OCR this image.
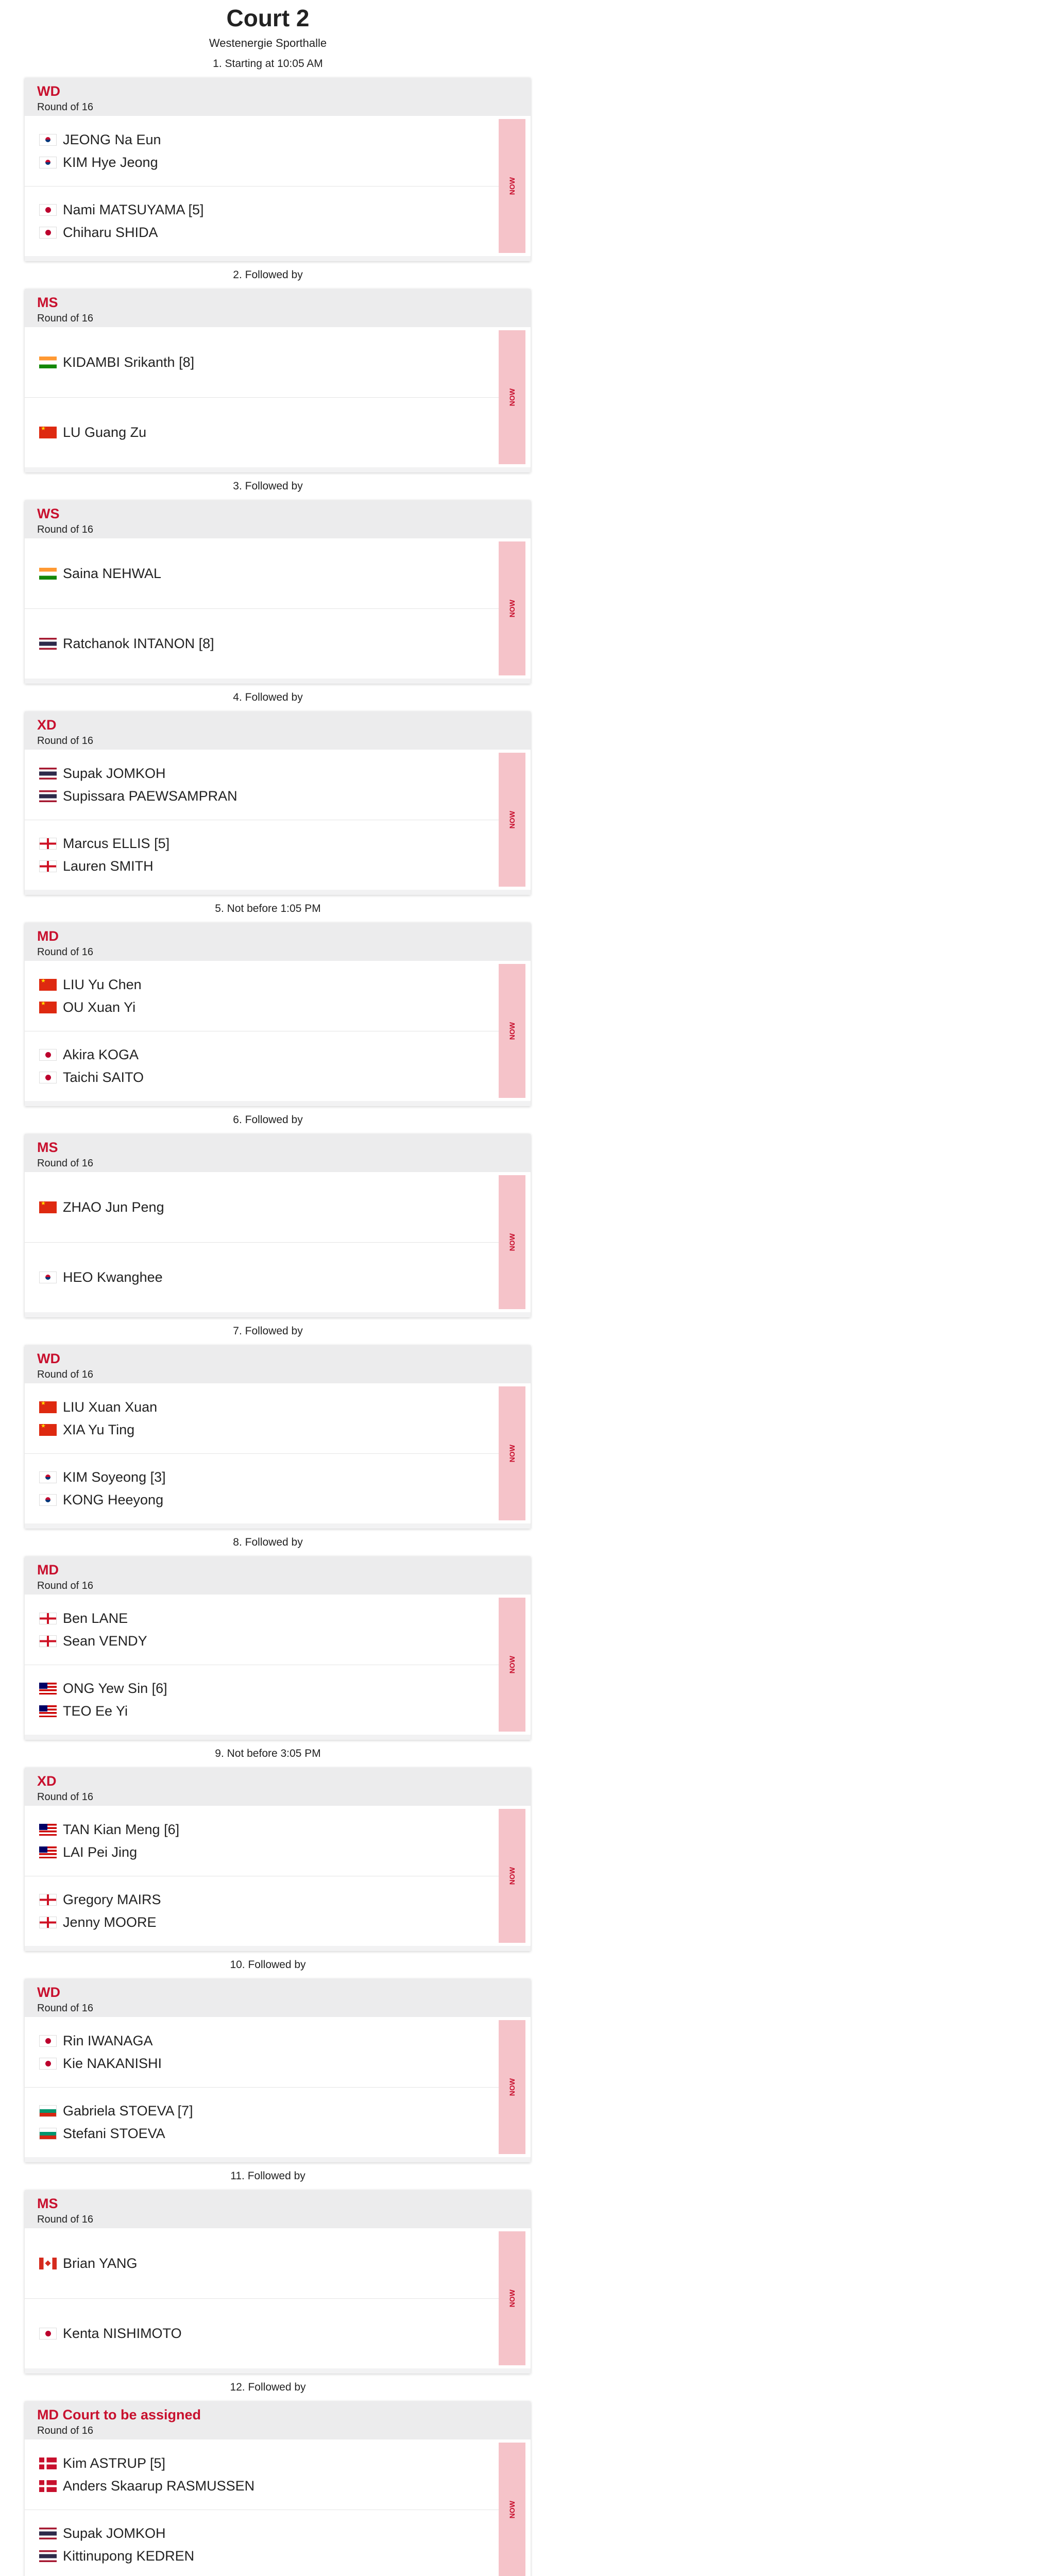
Court 2
Westenergie Sporthalle
1. Starting at 10:05 AM
WD
Round of 16
JEONG Na Eun
KIM Hye Jeong
Nami MATSUYAMA [5]
Chiharu SHIDA
NOW
2. Followed by
MS
Round of 16
KIDAMBI Srikanth [8]
★
LU Guang Zu
NOW
3. Followed by
WS
Round of 16
Saina NEHWAL
Ratchanok INTANON [8]
NOW
4. Followed by
XD
Round of 16
Supak JOMKOH
Supissara PAEWSAMPRAN
Marcus ELLIS [5]
Lauren SMITH
NOW
5. Not before 1:05 PM
MD
Round of 16
★
LIU Yu Chen
★
OU Xuan Yi
Akira KOGA
Taichi SAITO
NOW
6. Followed by
MS
Round of 16
★
ZHAO Jun Peng
HEO Kwanghee
NOW
7. Followed by
WD
Round of 16
★
LIU Xuan Xuan
★
XIA Yu Ting
KIM Soyeong [3]
KONG Heeyong
NOW
8. Followed by
MD
Round of 16
Ben LANE
Sean VENDY
ONG Yew Sin [6]
TEO Ee Yi
NOW
9. Not before 3:05 PM
XD
Round of 16
TAN Kian Meng [6]
LAI Pei Jing
Gregory MAIRS
Jenny MOORE
NOW
10. Followed by
WD
Round of 16
Rin IWANAGA
Kie NAKANISHI
Gabriela STOEVA [7]
Stefani STOEVA
NOW
11. Followed by
MS
Round of 16
Brian YANG
Kenta NISHIMOTO
NOW
12. Followed by
MD Court to be assigned
Round of 16
Kim ASTRUP [5]
Anders Skaarup RASMUSSEN
Supak JOMKOH
Kittinupong KEDREN
NOW
